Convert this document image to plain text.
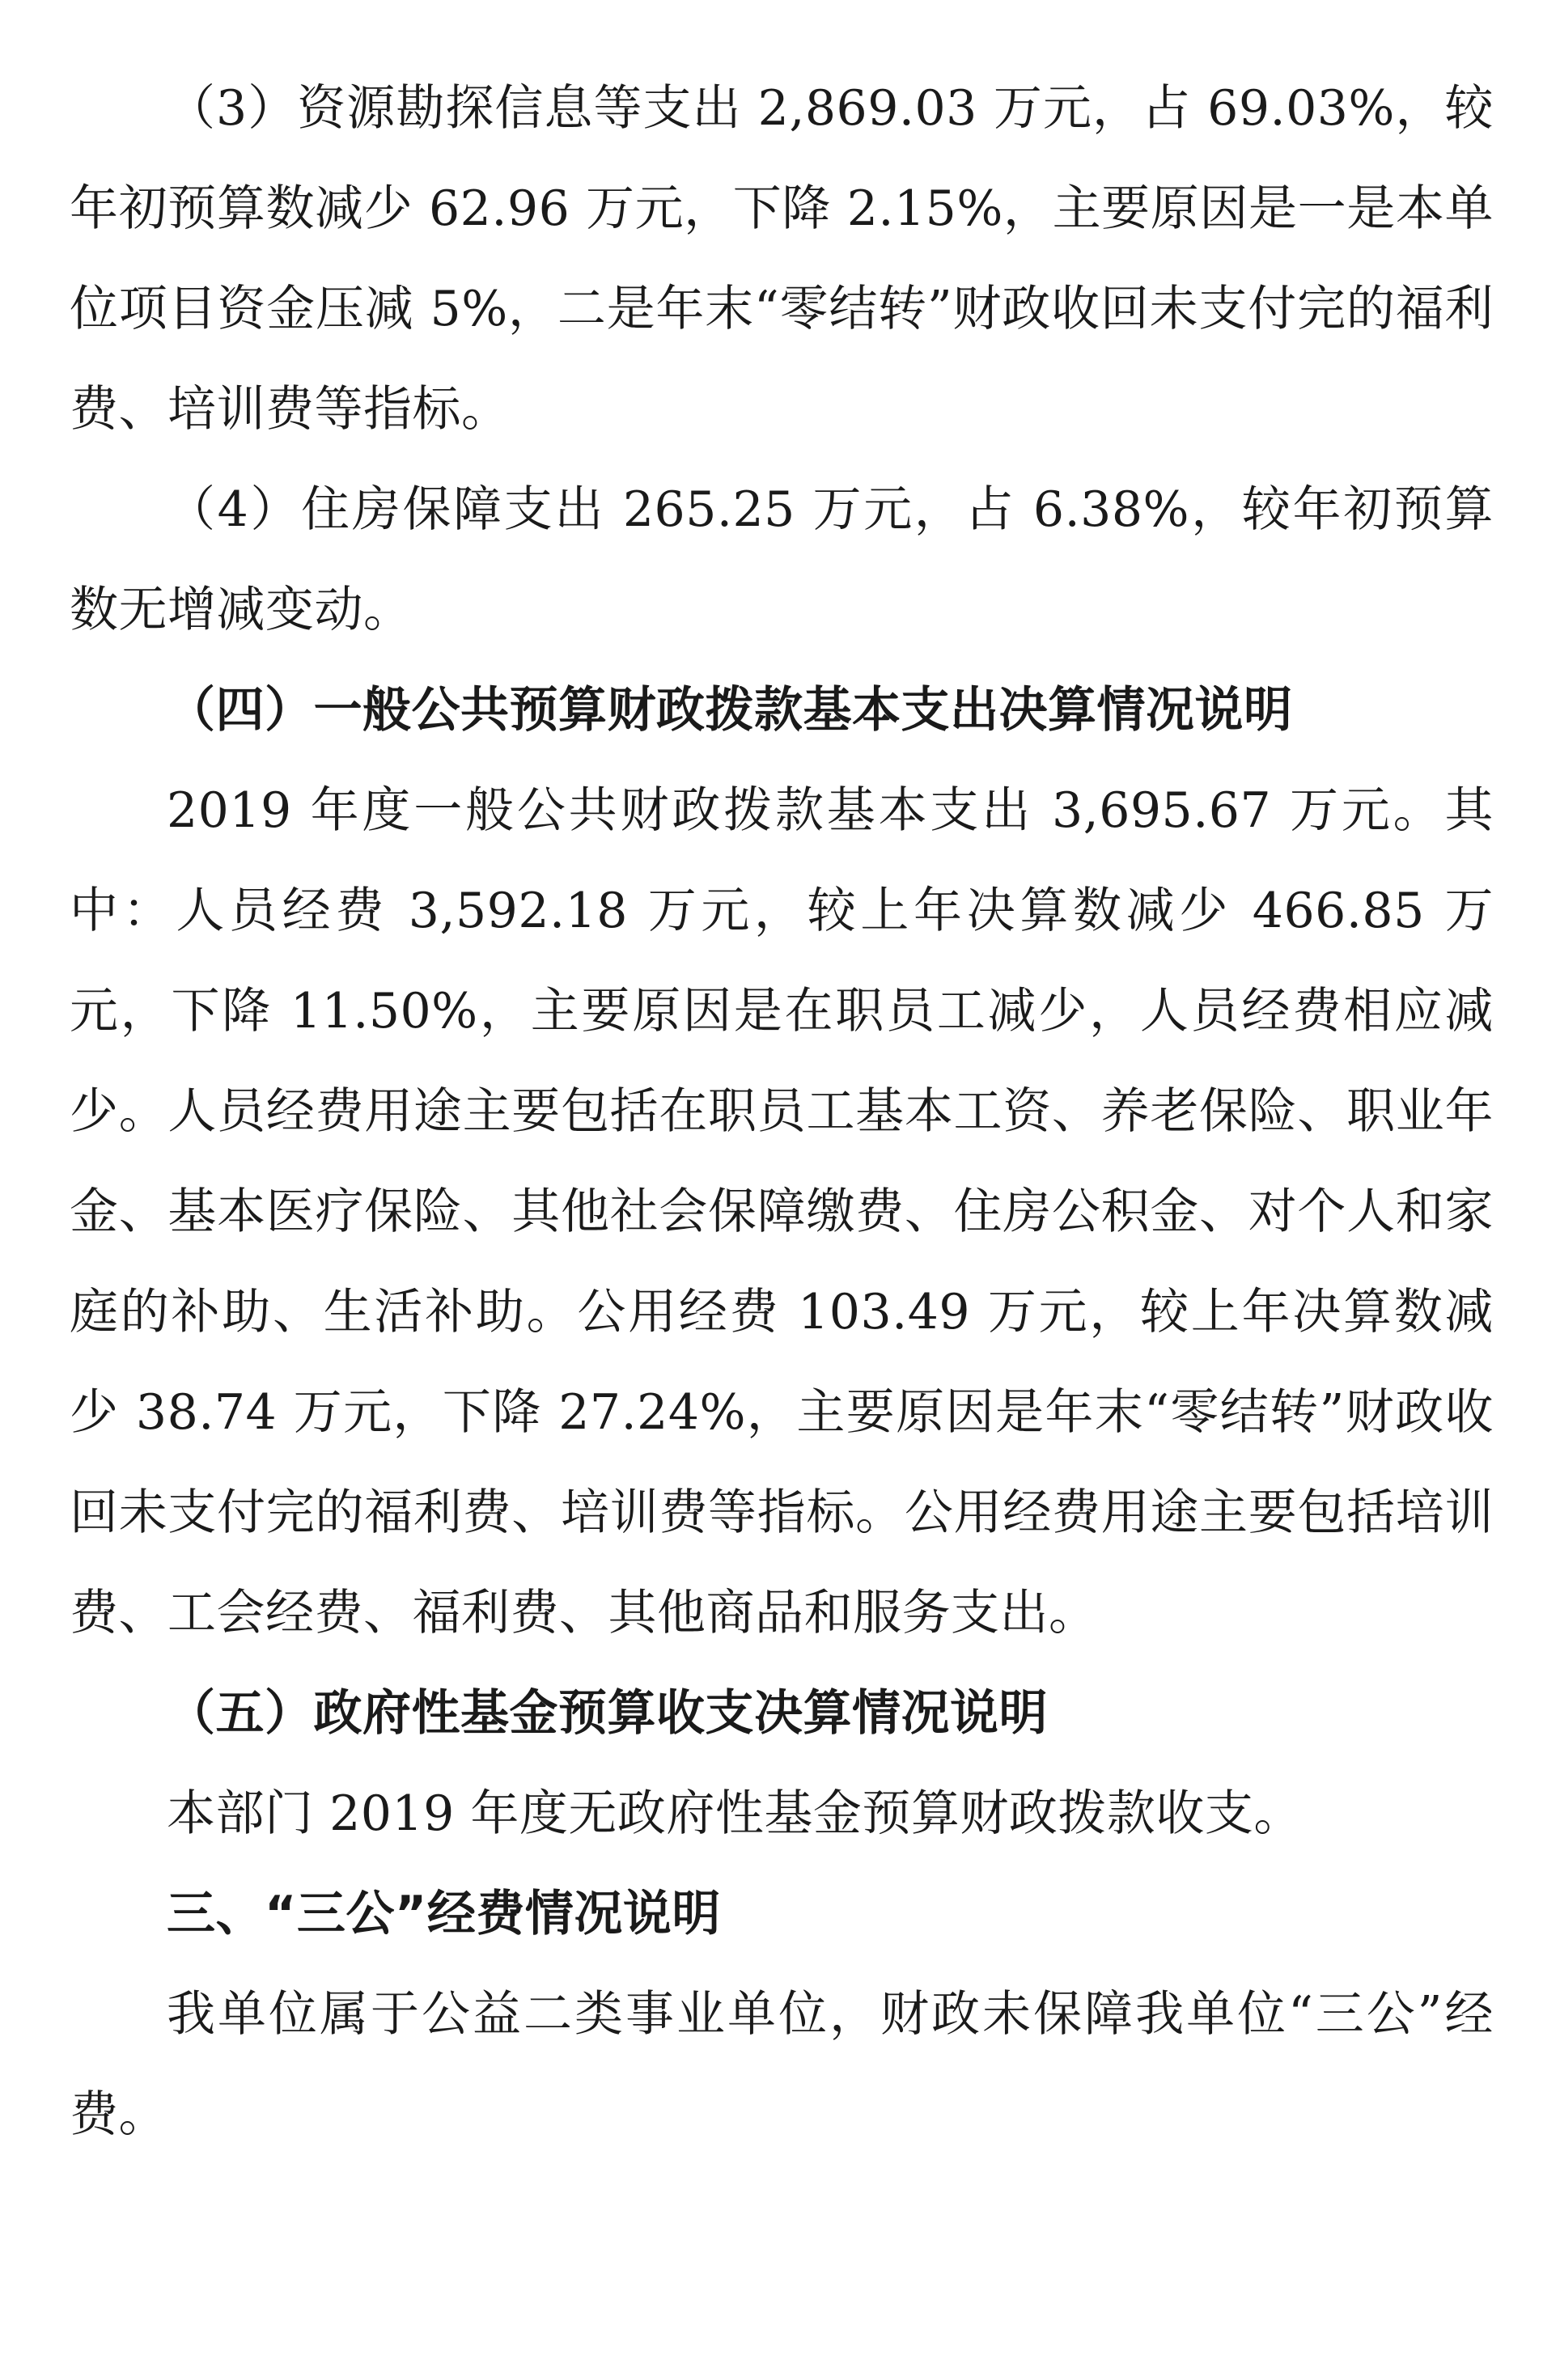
（3）资源勘探信息等支出 2,869.03 万元，占 69.03%，较年初预算数减少 62.96 万元，下降 2.15%，主要原因是一是本单位项目资金压减 5%，二是年末“零结转”财政收回未支付完的福利费、培训费等指标。

（4）住房保障支出 265.25 万元，占 6.38%，较年初预算数无增减变动。

（四）一般公共预算财政拨款基本支出决算情况说明

2019 年度一般公共财政拨款基本支出 3,695.67 万元。其中：人员经费 3,592.18 万元，较上年决算数减少 466.85 万元，下降 11.50%，主要原因是在职员工减少，人员经费相应减少。人员经费用途主要包括在职员工基本工资、养老保险、职业年金、基本医疗保险、其他社会保障缴费、住房公积金、对个人和家庭的补助、生活补助。公用经费 103.49 万元，较上年决算数减少 38.74 万元，下降 27.24%，主要原因是年末“零结转”财政收回未支付完的福利费、培训费等指标。公用经费用途主要包括培训费、工会经费、福利费、其他商品和服务支出。

（五）政府性基金预算收支决算情况说明

本部门 2019 年度无政府性基金预算财政拨款收支。

三、“三公”经费情况说明

我单位属于公益二类事业单位，财政未保障我单位“三公”经费。
